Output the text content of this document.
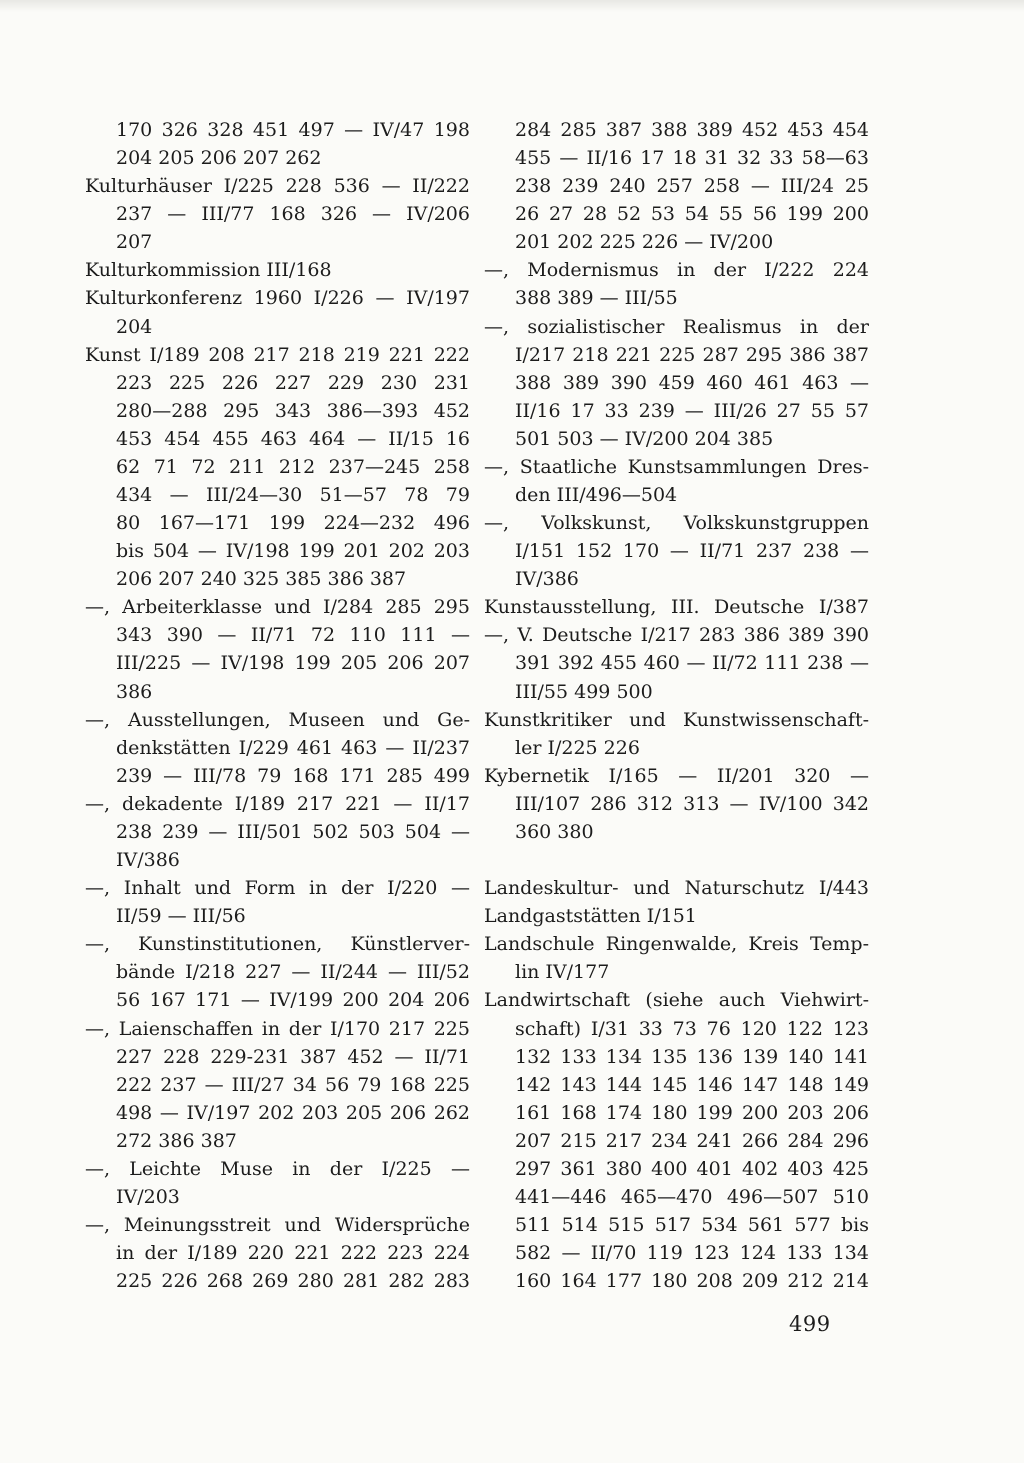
170 326 328 451 497 — IV/47 198
204 205 206 207 262
Kulturhäuser I/225 228 536 — II/222
237 — III/77 168 326 — IV/206
207
Kulturkommission III/168
Kulturkonferenz 1960 I/226 — IV/197
204
Kunst I/189 208 217 218 219 221 222
223 225 226 227 229 230 231
280—288 295 343 386—393 452
453 454 455 463 464 — II/15 16
62 71 72 211 212 237—245 258
434 — III/24—30 51—57 78 79
80 167—171 199 224—232 496
bis 504 — IV/198 199 201 202 203
206 207 240 325 385 386 387
—, Arbeiterklasse und I/284 285 295
343 390 — II/71 72 110 111 —
III/225 — IV/198 199 205 206 207
386
—, Ausstellungen, Museen und Ge-
denkstätten I/229 461 463 — II/237
239 — III/78 79 168 171 285 499
—, dekadente I/189 217 221 — II/17
238 239 — III/501 502 503 504 —
IV/386
—, Inhalt und Form in der I/220 —
II/59 — III/56
—, Kunstinstitutionen, Künstlerver-
bände I/218 227 — II/244 — III/52
56 167 171 — IV/199 200 204 206
—, Laienschaffen in der I/170 217 225
227 228 229-231 387 452 — II/71
222 237 — III/27 34 56 79 168 225
498 — IV/197 202 203 205 206 262
272 386 387
—, Leichte Muse in der I/225 —
IV/203
—, Meinungsstreit und Widersprüche
in der I/189 220 221 222 223 224
225 226 268 269 280 281 282 283
284 285 387 388 389 452 453 454
455 — II/16 17 18 31 32 33 58—63
238 239 240 257 258 — III/24 25
26 27 28 52 53 54 55 56 199 200
201 202 225 226 — IV/200
—, Modernismus in der I/222 224
388 389 — III/55
—, sozialistischer Realismus in der
I/217 218 221 225 287 295 386 387
388 389 390 459 460 461 463 —
II/16 17 33 239 — III/26 27 55 57
501 503 — IV/200 204 385
—, Staatliche Kunstsammlungen Dres-
den III/496—504
—, Volkskunst, Volkskunstgruppen
I/151 152 170 — II/71 237 238 —
IV/386
Kunstausstellung, III. Deutsche I/387
—, V. Deutsche I/217 283 386 389 390
391 392 455 460 — II/72 111 238 —
III/55 499 500
Kunstkritiker und Kunstwissenschaft-
ler I/225 226
Kybernetik I/165 — II/201 320 —
III/107 286 312 313 — IV/100 342
360 380
Landeskultur- und Naturschutz I/443
Landgaststätten I/151
Landschule Ringenwalde, Kreis Temp-
lin IV/177
Landwirtschaft (siehe auch Viehwirt-
schaft) I/31 33 73 76 120 122 123
132 133 134 135 136 139 140 141
142 143 144 145 146 147 148 149
161 168 174 180 199 200 203 206
207 215 217 234 241 266 284 296
297 361 380 400 401 402 403 425
441—446 465—470 496—507 510
511 514 515 517 534 561 577 bis
582 — II/70 119 123 124 133 134
160 164 177 180 208 209 212 214
499
